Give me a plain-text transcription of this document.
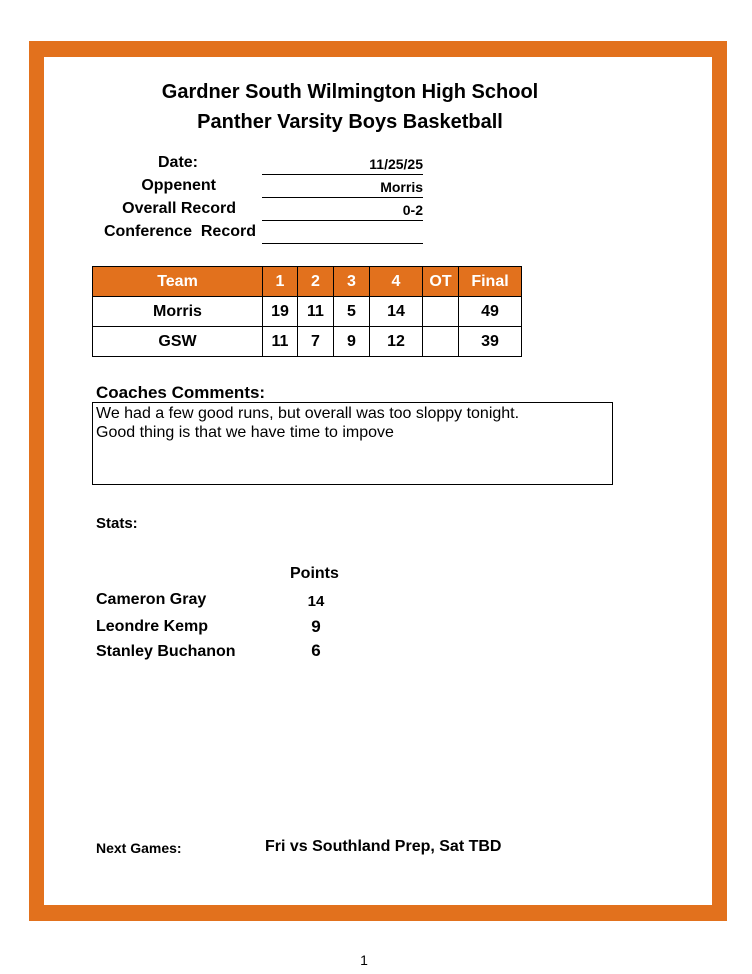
Gardner South Wilmington High School
Panther Varsity Boys Basketball
Date:	11/25/25
Oppenent	Morris
Overall Record	0-2
Conference  Record
Team	1	2	3	4	OT	Final
Morris	19	11	5	14		49
GSW	11	7	9	12		39
Coaches Comments:
We had a few good runs, but overall was too sloppy tonight.
Good thing is that we have time to impove
Stats:
Points
Cameron Gray	14
Leondre Kemp	9
Stanley Buchanon	6
Next Games:	Fri vs Southland Prep, Sat TBD
1
